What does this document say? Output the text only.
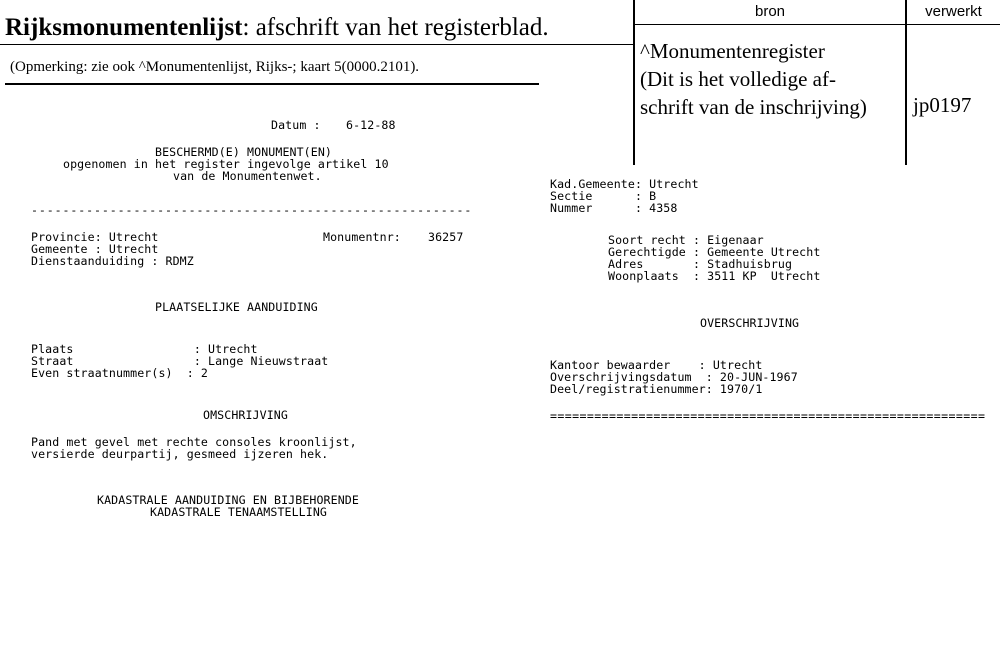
Rijksmonumentenlijst: afschrift van het registerblad.
(Opmerking: zie ook ^Monumentenlijst, Rijks-; kaart 5(0000.2101).
bron	verwerkt
^Monumentenregister
(Dit is het volledige af-
schrift van de inschrijving) jp0197
Datum : 6-12-88
BESCHERMD(E) MONUMENT(EN)
opgenomen in het register ingevolge artikel 10
van de Monumentenwet.
--------------------------------------------------------
Provincie: Utrecht	Monumentnr: 36257
Gemeente : Utrecht
Dienstaanduiding : RDMZ
PLAATSELIJKE AANDUIDING
Plaats                 : Utrecht
Straat                 : Lange Nieuwstraat
Even straatnummer(s)  : 2
OMSCHRIJVING
Pand met gevel met rechte consoles kroonlijst,
versierde deurpartij, gesmeed ijzeren hek.
KADASTRALE AANDUIDING EN BIJBEHORENDE
KADASTRALE TENAAMSTELLING
Kad.Gemeente: Utrecht
Sectie      : B
Nummer      : 4358
Soort recht : Eigenaar
Gerechtigde : Gemeente Utrecht
Adres       : Stadhuisbrug
Woonplaats  : 3511 KP  Utrecht
OVERSCHRIJVING
Kantoor bewaarder    : Utrecht
Overschrijvingsdatum  : 20-JUN-1967
Deel/registratienummer: 1970/1
===========================================================
